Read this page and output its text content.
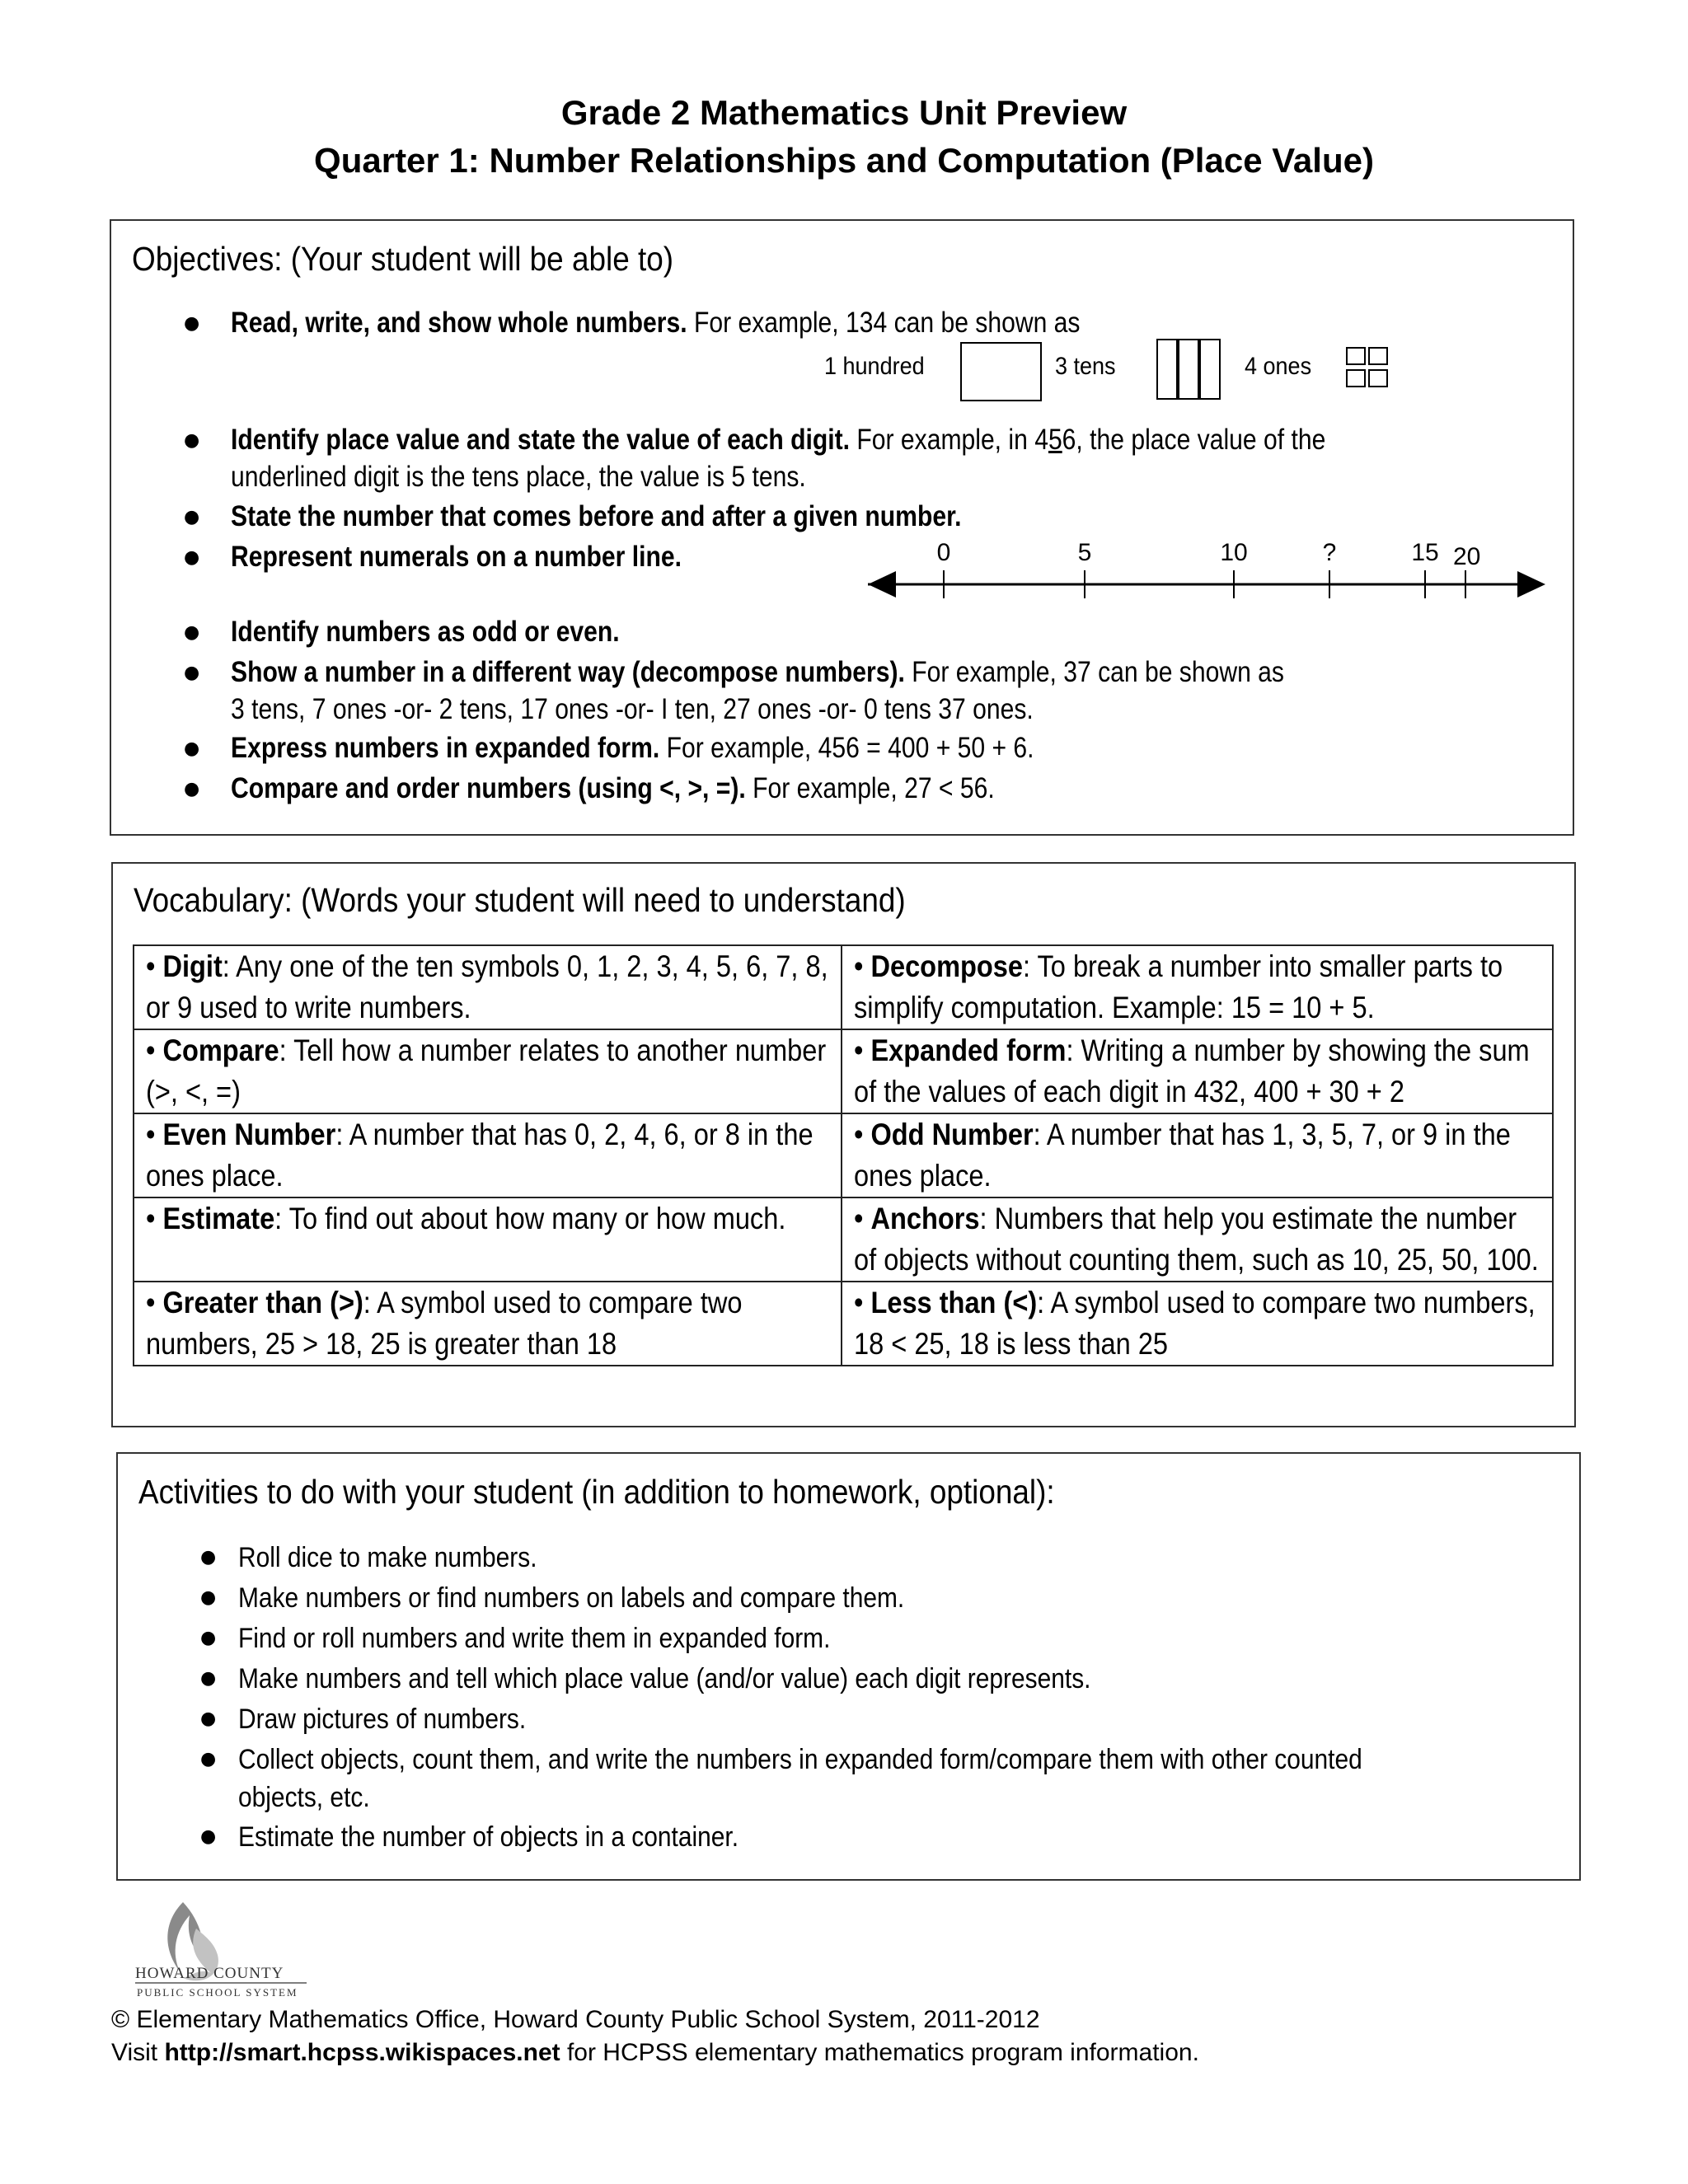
Grade 2 Mathematics Unit Preview
Quarter 1: Number Relationships and Computation (Place Value)
Objectives: (Your student will be able to)
● Read, write, and show whole numbers. For example, 134 can be shown as
1 hundred	3 tens	4 ones
● Identify place value and state the value of each digit. For example, in 456, the place value of the
underlined digit is the tens place, the value is 5 tens.
● State the number that comes before and after a given number.
● Represent numerals on a number line.	0	5	10	?	15 20
● Identify numbers as odd or even.
● Show a number in a different way (decompose numbers). For example, 37 can be shown as
3 tens, 7 ones -or- 2 tens, 17 ones -or- I ten, 27 ones -or- 0 tens 37 ones.
● Express numbers in expanded form. For example, 456 = 400 + 50 + 6.
● Compare and order numbers (using <, >, =). For example, 27 < 56.
Vocabulary: (Words your student will need to understand)
• Digit: Any one of the ten symbols 0, 1, 2, 3, 4, 5, 6, 7, 8, or 9 used to write numbers.	• Decompose: To break a number into smaller parts to simplify computation. Example: 15 = 10 + 5.

• Compare: Tell how a number relates to another number (>, <, =)	• Expanded form: Writing a number by showing the sum of the values of each digit in 432, 400 + 30 + 2

• Even Number: A number that has 0, 2, 4, 6, or 8 in the ones place.	• Odd Number: A number that has 1, 3, 5, 7, or 9 in the ones place.

• Estimate: To find out about how many or how much.	• Anchors: Numbers that help you estimate the number of objects without counting them, such as 10, 25, 50, 100.

• Greater than (>): A symbol used to compare two numbers, 25 > 18, 25 is greater than 18	• Less than (<): A symbol used to compare two numbers, 18 < 25, 18 is less than 25
Activities to do with your student (in addition to homework, optional):
● Roll dice to make numbers.
● Make numbers or find numbers on labels and compare them.
● Find or roll numbers and write them in expanded form.
● Make numbers and tell which place value (and/or value) each digit represents.
● Draw pictures of numbers.
● Collect objects, count them, and write the numbers in expanded form/compare them with other counted
objects, etc.
● Estimate the number of objects in a container.
HOWARD COUNTY
PUBLIC SCHOOL SYSTEM
© Elementary Mathematics Office, Howard County Public School System, 2011-2012
Visit http://smart.hcpss.wikispaces.net for HCPSS elementary mathematics program information.
